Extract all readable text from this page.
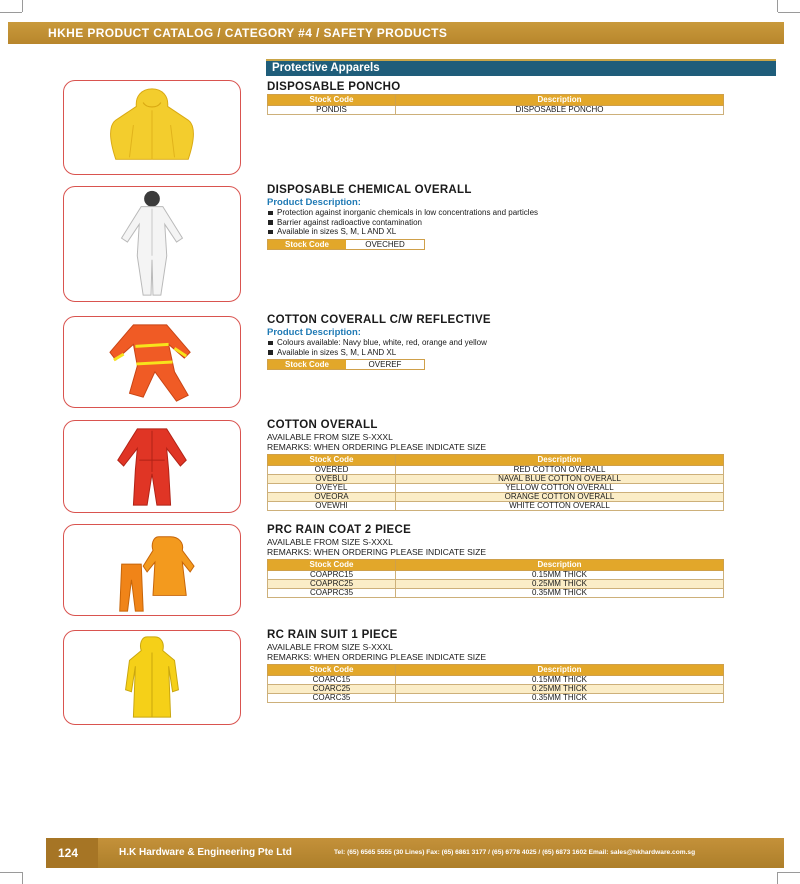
HKHE PRODUCT CATALOG / CATEGORY #4 / SAFETY PRODUCTS
Protective Apparels
DISPOSABLE PONCHO
Stock Code	Description
PONDIS	DISPOSABLE PONCHO
DISPOSABLE CHEMICAL OVERALL
Product Description:
Protection against inorganic chemicals in low concentrations and particles
Barrier against radioactive contamination
Available in sizes S, M, L AND XL
Stock Code	OVECHED
COTTON COVERALL C/W REFLECTIVE
Product Description:
Colours available: Navy blue, white, red, orange and yellow
Available in sizes S, M, L AND XL
Stock Code	OVEREF
COTTON OVERALL
AVAILABLE FROM SIZE S-XXXL
REMARKS: WHEN ORDERING PLEASE INDICATE SIZE
Stock Code	Description
OVERED	RED COTTON OVERALL
OVEBLU	NAVAL BLUE COTTON OVERALL
OVEYEL	YELLOW COTTON OVERALL
OVEORA	ORANGE COTTON OVERALL
OVEWHI	WHITE COTTON OVERALL
PRC RAIN COAT 2 PIECE
AVAILABLE FROM SIZE S-XXXL
REMARKS: WHEN ORDERING PLEASE INDICATE SIZE
Stock Code	Description
COAPRC15	0.15MM THICK
COAPRC25	0.25MM THICK
COAPRC35	0.35MM THICK
RC RAIN SUIT 1 PIECE
AVAILABLE FROM SIZE S-XXXL
REMARKS: WHEN ORDERING PLEASE INDICATE SIZE
Stock Code	Description
COARC15	0.15MM THICK
COARC25	0.25MM THICK
COARC35	0.35MM THICK
124	H.K Hardware & Engineering Pte Ltd	Tel: (65) 6565 5555 (30 Lines) Fax: (65) 6861 3177 / (65) 6778 4025 / (65) 6873 1602 Email: sales@hkhardware.com.sg
